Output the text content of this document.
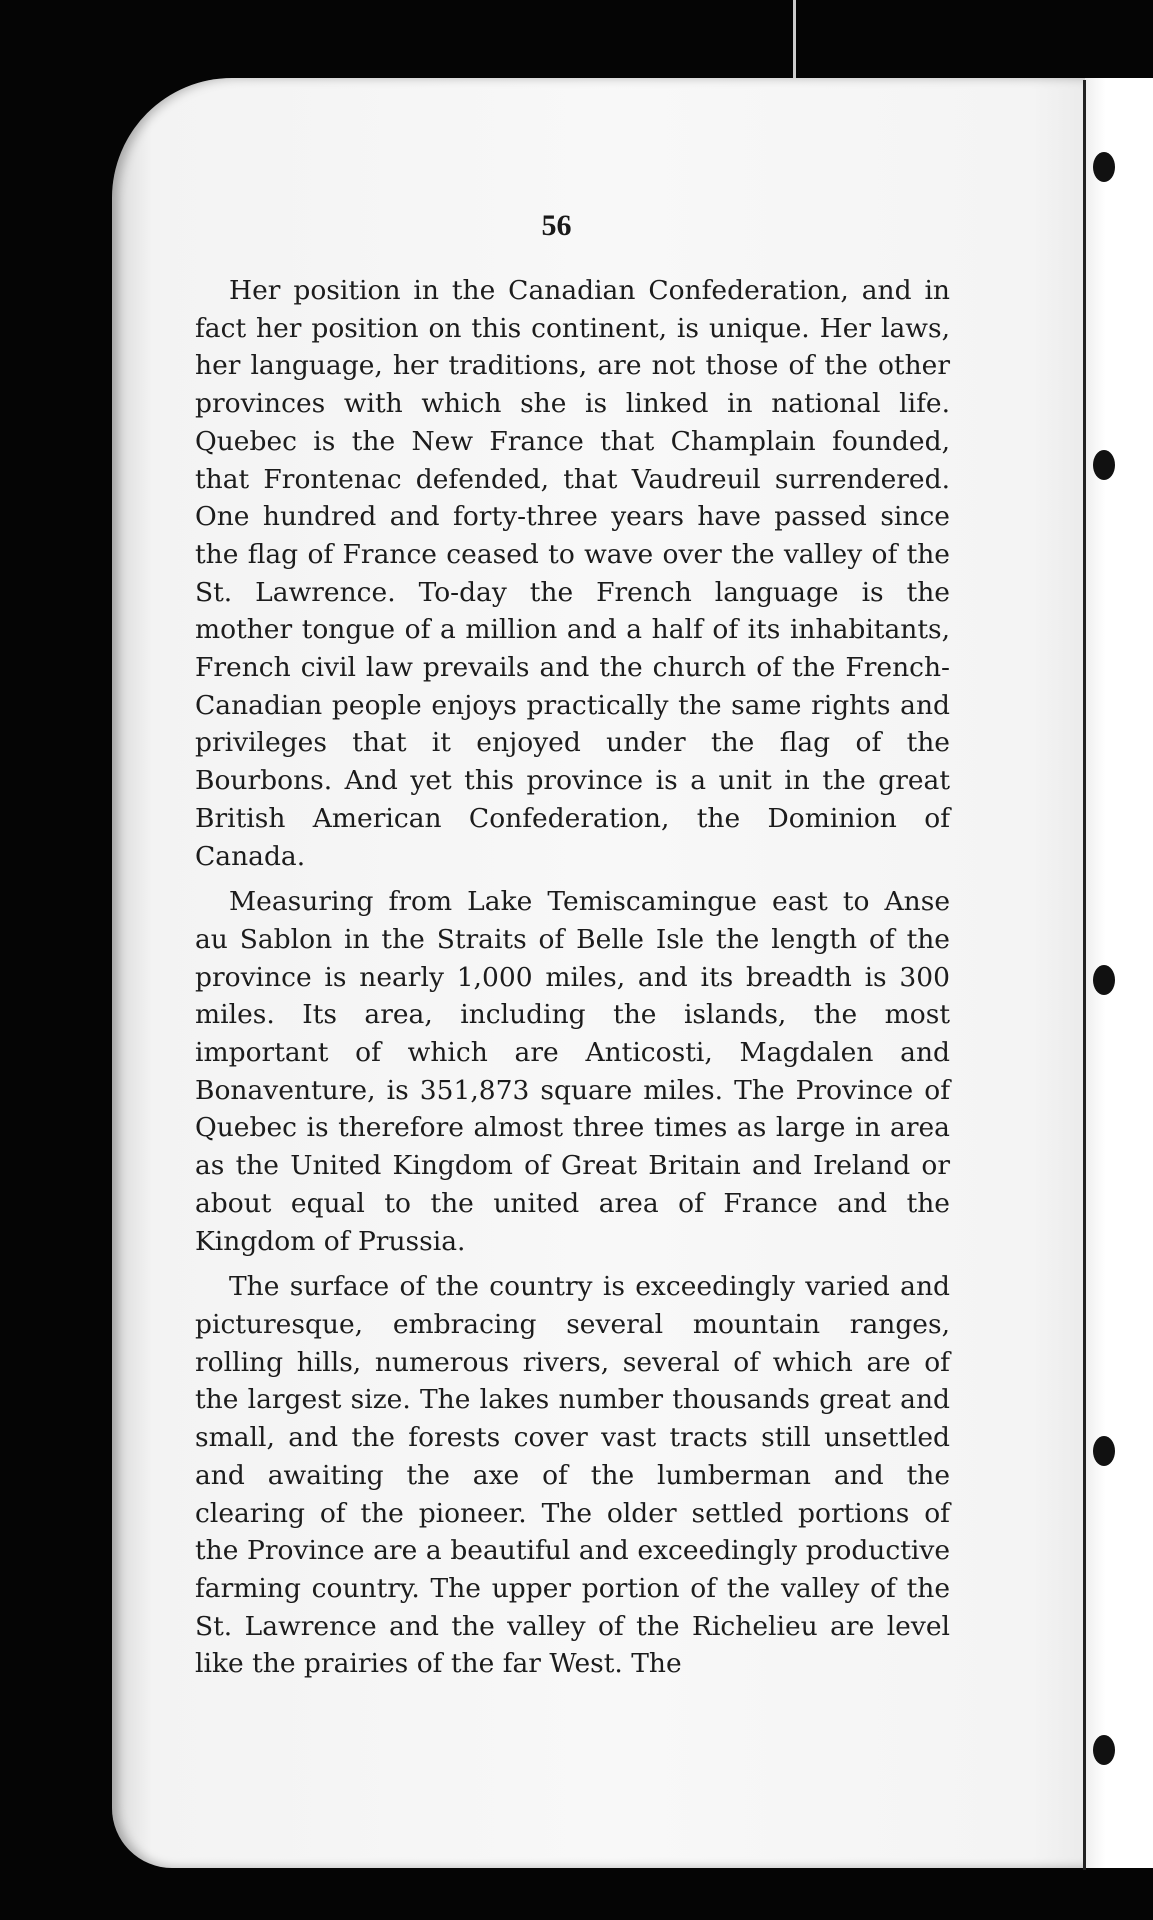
56

Her position in the Canadian Confederation, and in fact her position on this continent, is unique. Her laws, her language, her traditions, are not those of the other provinces with which she is linked in national life. Quebec is the New France that Champlain founded, that Frontenac defended, that Vaudreuil surrendered. One hundred and forty-three years have passed since the flag of France ceased to wave over the valley of the St. Lawrence. To-day the French language is the mother tongue of a million and a half of its inhabitants, French civil law prevails and the church of the French-Canadian people enjoys practically the same rights and privileges that it enjoyed under the flag of the Bourbons. And yet this province is a unit in the great British American Confederation, the Dominion of Canada.

Measuring from Lake Temiscamingue east to Anse au Sablon in the Straits of Belle Isle the length of the province is nearly 1,000 miles, and its breadth is 300 miles. Its area, including the islands, the most important of which are Anticosti, Magdalen and Bonaventure, is 351,873 square miles. The Province of Quebec is therefore almost three times as large in area as the United Kingdom of Great Britain and Ireland or about equal to the united area of France and the Kingdom of Prussia.

The surface of the country is exceedingly varied and picturesque, embracing several mountain ranges, rolling hills, numerous rivers, several of which are of the largest size. The lakes number thousands great and small, and the forests cover vast tracts still unsettled and awaiting the axe of the lumberman and the clearing of the pioneer. The older settled portions of the Province are a beautiful and exceedingly productive farming country. The upper portion of the valley of the St. Lawrence and the valley of the Richelieu are level like the prairies of the far West. The
